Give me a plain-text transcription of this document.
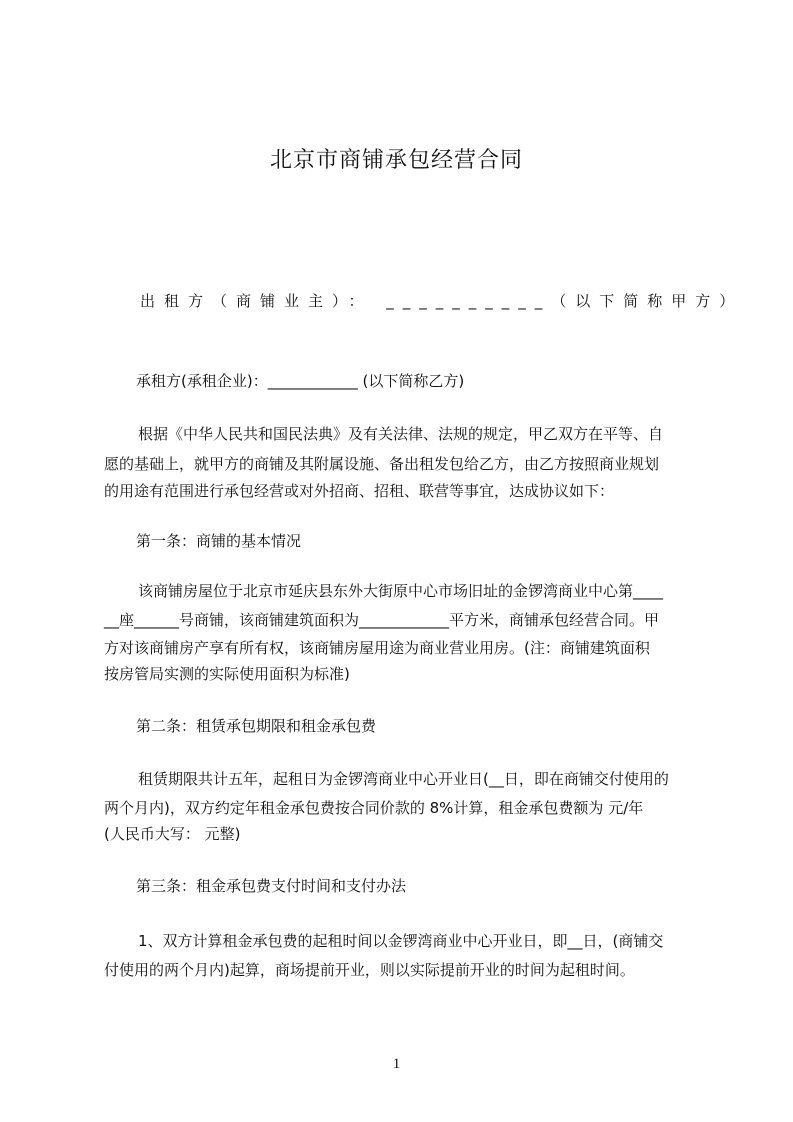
北京市商铺承包经营合同
出租方（商铺业主）： __________（以下简称甲方）
承租方(承租企业)：____________ (以下简称乙方)
根据《中华人民共和国民法典》及有关法律、法规的规定，甲乙双方在平等、自
愿的基础上，就甲方的商铺及其附属设施、备出租发包给乙方，由乙方按照商业规划
的用途有范围进行承包经营或对外招商、招租、联营等事宜，达成协议如下：
第一条：商铺的基本情况
该商铺房屋位于北京市延庆县东外大街原中心市场旧址的金锣湾商业中心第____
__座______号商铺，该商铺建筑面积为____________平方米，商铺承包经营合同。甲
方对该商铺房产享有所有权，该商铺房屋用途为商业营业用房。(注：商铺建筑面积
按房管局实测的实际使用面积为标准)
第二条：租赁承包期限和租金承包费
租赁期限共计五年，起租日为金锣湾商业中心开业日(__日，即在商铺交付使用的
两个月内)，双方约定年租金承包费按合同价款的 8%计算，租金承包费额为 元/年
(人民币大写： 元整)
第三条：租金承包费支付时间和支付办法
1、双方计算租金承包费的起租时间以金锣湾商业中心开业日，即__日，(商铺交
付使用的两个月内)起算，商场提前开业，则以实际提前开业的时间为起租时间。
1
